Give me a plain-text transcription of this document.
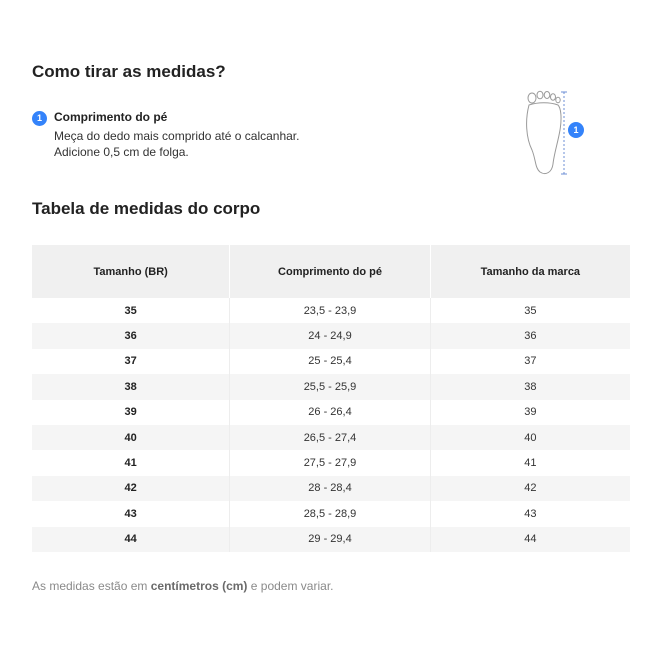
Como tirar as medidas?
1	Comprimento do pé
Meça do dedo mais comprido até o calcanhar. Adicione 0,5 cm de folga.
1
Tabela de medidas do corpo
Tamanho (BR)	Comprimento do pé	Tamanho da marca
35	23,5 - 23,9	35
36	24 - 24,9	36
37	25 - 25,4	37
38	25,5 - 25,9	38
39	26 - 26,4	39
40	26,5 - 27,4	40
41	27,5 - 27,9	41
42	28 - 28,4	42
43	28,5 - 28,9	43
44	29 - 29,4	44
As medidas estão em centímetros (cm) e podem variar.
